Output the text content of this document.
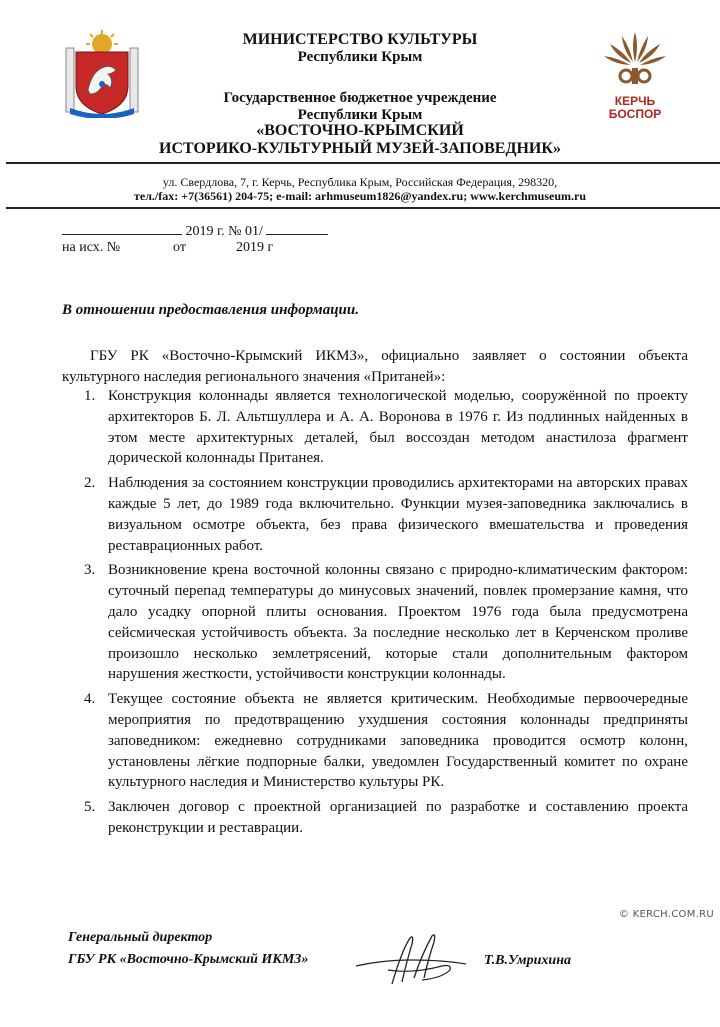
КЕРЧЬ
БОСПОР
МИНИСТЕРСТВО КУЛЬТУРЫ
Республики Крым
Государственное бюджетное учреждение
Республики Крым
«ВОСТОЧНО-КРЫМСКИЙ
ИСТОРИКО-КУЛЬТУРНЫЙ МУЗЕЙ-ЗАПОВЕДНИК»
ул. Свердлова, 7, г. Керчь, Республика Крым, Российская Федерация, 298320,
тел./fax: +7(36561) 204-75; e-mail: arhmuseum1826@yandex.ru; www.kerchmuseum.ru
2019 г. № 01/
на исх. №	от	2019 г
В отношении предоставления информации.
ГБУ РК «Восточно-Крымский ИКМЗ», официально заявляет о состоянии объекта культурного наследия регионального значения «Пританей»:
1. Конструкция колоннады является технологической моделью, сооружённой по проекту архитекторов Б. Л. Альтшуллера и А. А. Воронова в 1976 г. Из подлинных найденных в этом месте архитектурных деталей, был воссоздан методом анастилоза фрагмент дорической колоннады Пританея.
2. Наблюдения за состоянием конструкции проводились архитекторами на авторских правах каждые 5 лет, до 1989 года включительно. Функции музея-заповедника заключались в визуальном осмотре объекта, без права физического вмешательства и проведения реставрационных работ.
3. Возникновение крена восточной колонны связано с природно-климатическим фактором: суточный перепад температуры до минусовых значений, повлек промерзание камня, что дало усадку опорной плиты основания. Проектом 1976 года была предусмотрена сейсмическая устойчивость объекта. За последние несколько лет в Керченском проливе произошло несколько землетрясений, которые стали дополнительным фактором нарушения жесткости, устойчивости конструкции колоннады.
4. Текущее состояние объекта не является критическим. Необходимые первоочередные мероприятия по предотвращению ухудшения состояния колоннады предприняты заповедником: ежедневно сотрудниками заповедника проводится осмотр колонн, установлены лёгкие подпорные балки, уведомлен Государственный комитет по охране культурного наследия и Министерство культуры РК.
5. Заключен договор с проектной организацией по разработке и составлению проекта реконструкции и реставрации.
© KERCH.COM.RU
Генеральный директор
ГБУ РК «Восточно-Крымский ИКМЗ»	Т.В.Умрихина
